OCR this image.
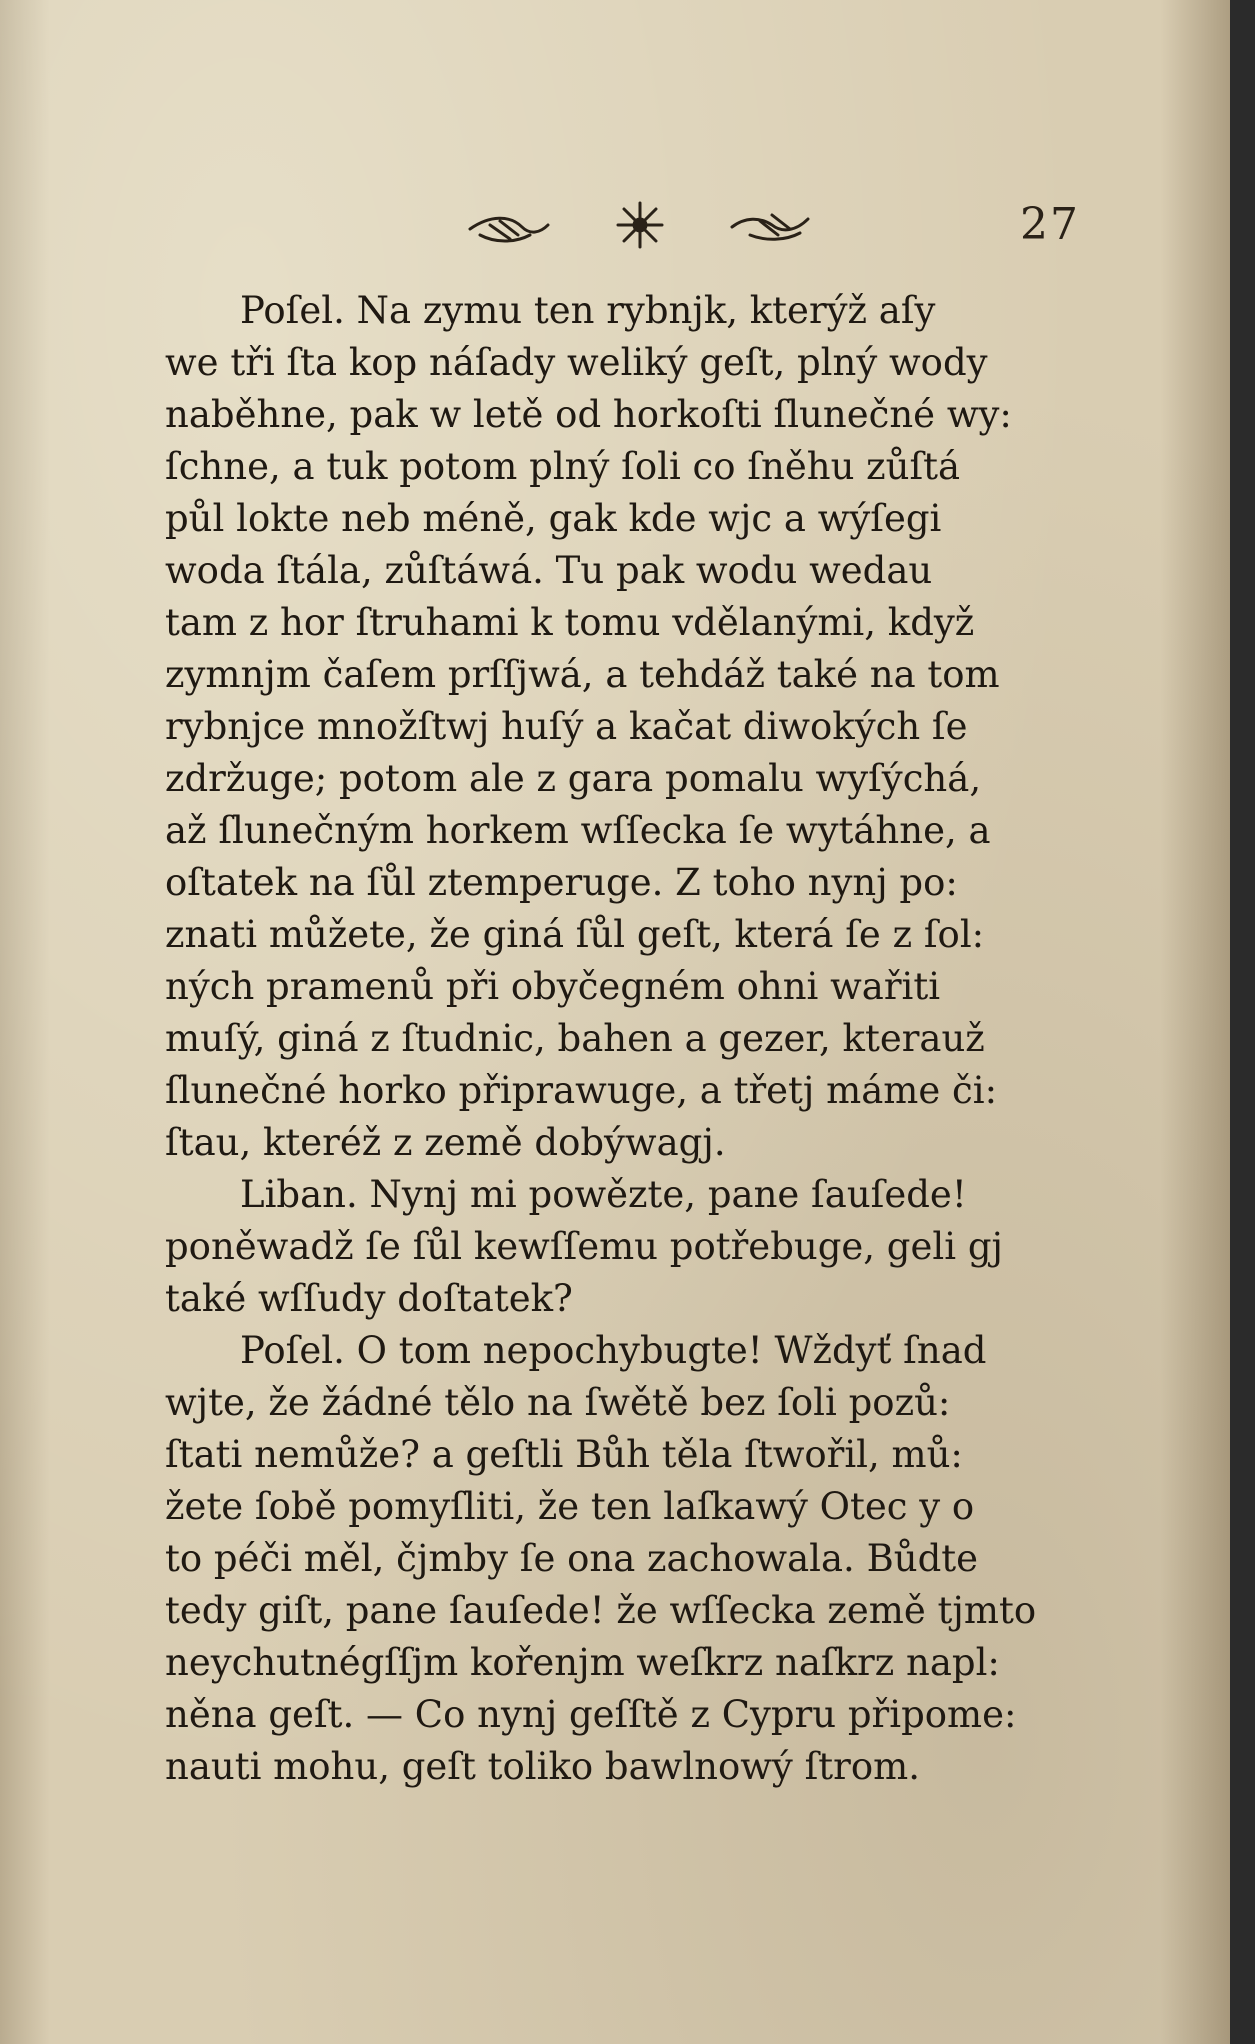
27
Poſel. Na zymu ten rybnjk, kterýž aſy
we tři ſta kop náſady weliký geſt, plný wody
naběhne, pak w letě od horkoſti ſlunečné wy:
ſchne, a tuk potom plný ſoli co ſněhu zůſtá
půl lokte neb méně, gak kde wjc a wýſegi
woda ſtála, zůſtáwá. Tu pak wodu wedau
tam z hor ſtruhami k tomu vdělanými, když
zymnjm čaſem prſſjwá, a tehdáž také na tom
rybnjce množſtwj huſý a kačat diwokých ſe
zdržuge; potom ale z gara pomalu wyſýchá,
až ſlunečným horkem wſſecka ſe wytáhne, a
oſtatek na ſůl ztemperuge. Z toho nynj po:
znati můžete, že giná ſůl geſt, která ſe z ſol:
ných pramenů při obyčegném ohni wařiti
muſý, giná z ſtudnic, bahen a gezer, kterauž
ſlunečné horko připrawuge, a třetj máme či:
ſtau, kteréž z země dobýwagj.
Liban. Nynj mi powězte, pane ſauſede!
poněwadž ſe ſůl kewſſemu potřebuge, geli gj
také wſſudy doſtatek?
Poſel. O tom nepochybugte! Wždyť ſnad
wjte, že žádné tělo na ſwětě bez ſoli pozů:
ſtati nemůže? a geſtli Bůh těla ſtwořil, mů:
žete ſobě pomyſliti, že ten laſkawý Otec y o
to péči měl, čjmby ſe ona zachowala. Bůdte
tedy giſt, pane ſauſede! že wſſecka země tjmto
neychutnégſſjm kořenjm weſkrz naſkrz napl:
něna geſt. — Co nynj geſſtě z Cypru připome:
nauti mohu, geſt toliko bawlnowý ſtrom.
